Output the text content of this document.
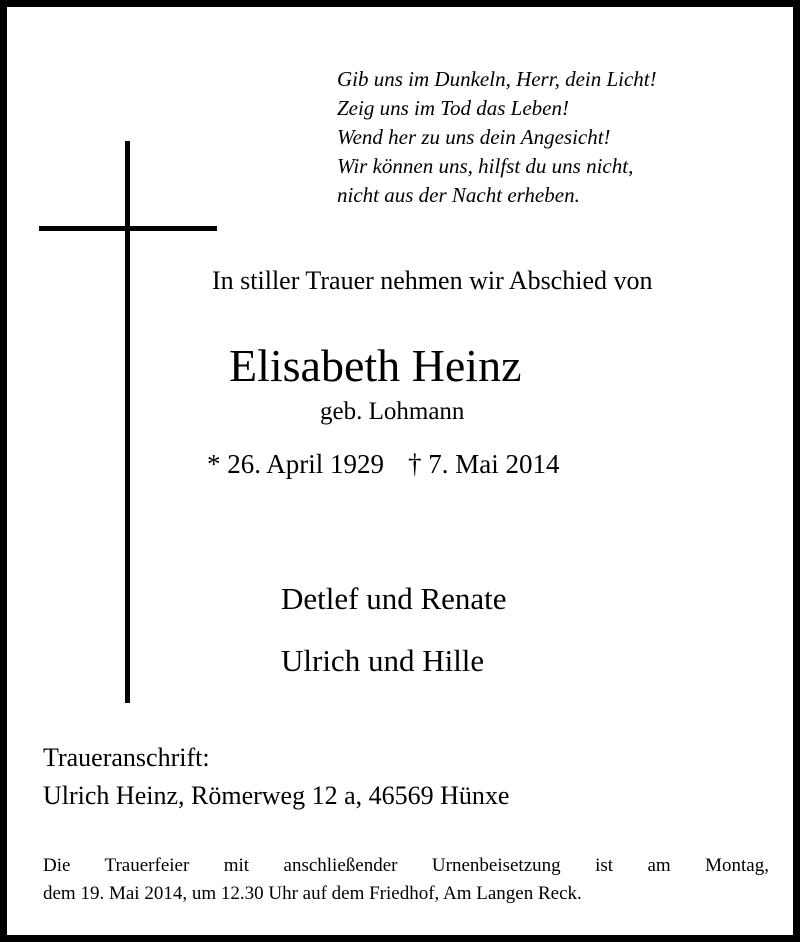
Gib uns im Dunkeln, Herr, dein Licht!
Zeig uns im Tod das Leben!
Wend her zu uns dein Angesicht!
Wir können uns, hilfst du uns nicht,
nicht aus der Nacht erheben.
In stiller Trauer nehmen wir Abschied von
Elisabeth Heinz
geb. Lohmann
* 26. April 1929 † 7. Mai 2014
Detlef und Renate
Ulrich und Hille
Traueranschrift:
Ulrich Heinz, Römerweg 12 a, 46569 Hünxe
Die Trauerfeier mit anschließender Urnenbeisetzung ist am Montag,
dem 19. Mai 2014, um 12.30 Uhr auf dem Friedhof, Am Langen Reck.
